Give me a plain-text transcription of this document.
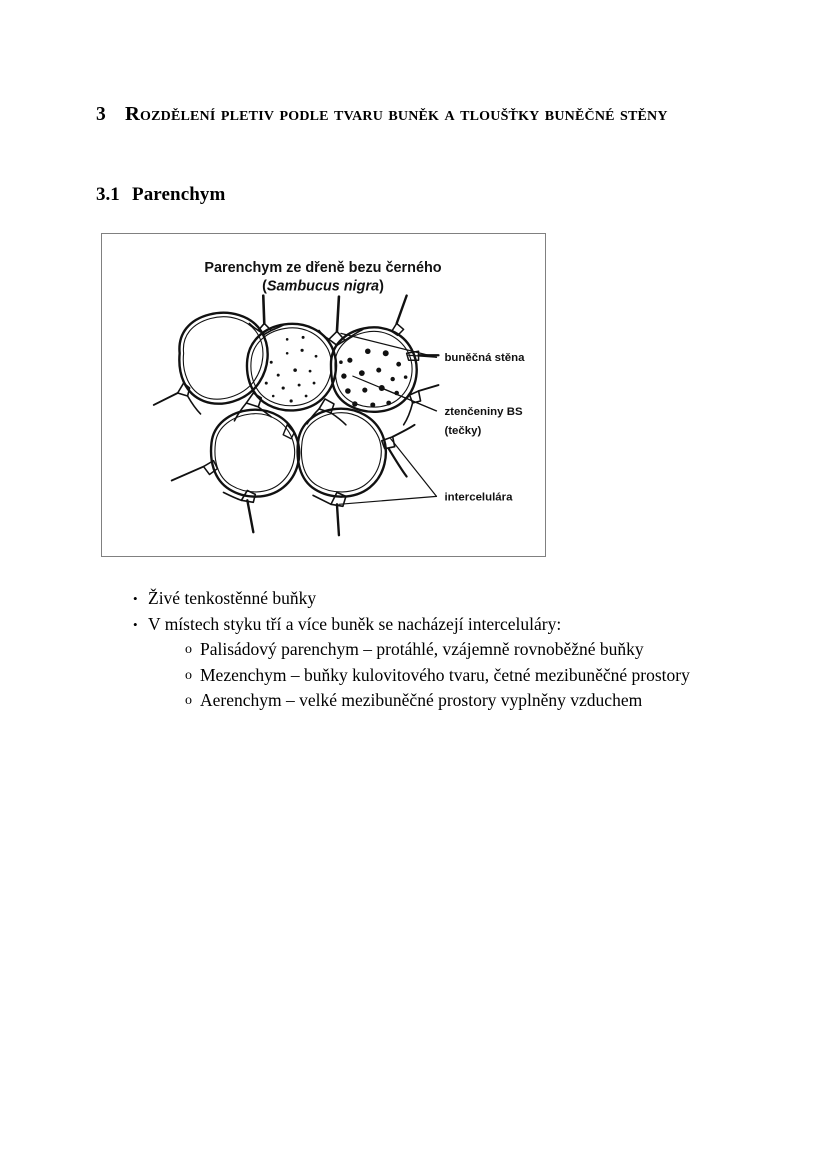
3 Rozdělení pletiv podle tvaru buněk a tloušťky buněčné stěny
3.1 Parenchym
Parenchym ze dřeně bezu černého
(Sambucus nigra)
buněčná stěna
ztenčeniny BS
(tečky)
intercelulára
• Živé tenkostěnné buňky
• V místech styku tří a více buněk se nacházejí interceluláry:
o Palisádový parenchym – protáhlé, vzájemně rovnoběžné buňky
o Mezenchym – buňky kulovitového tvaru, četné mezibuněčné prostory
o Aerenchym – velké mezibuněčné prostory vyplněny vzduchem
